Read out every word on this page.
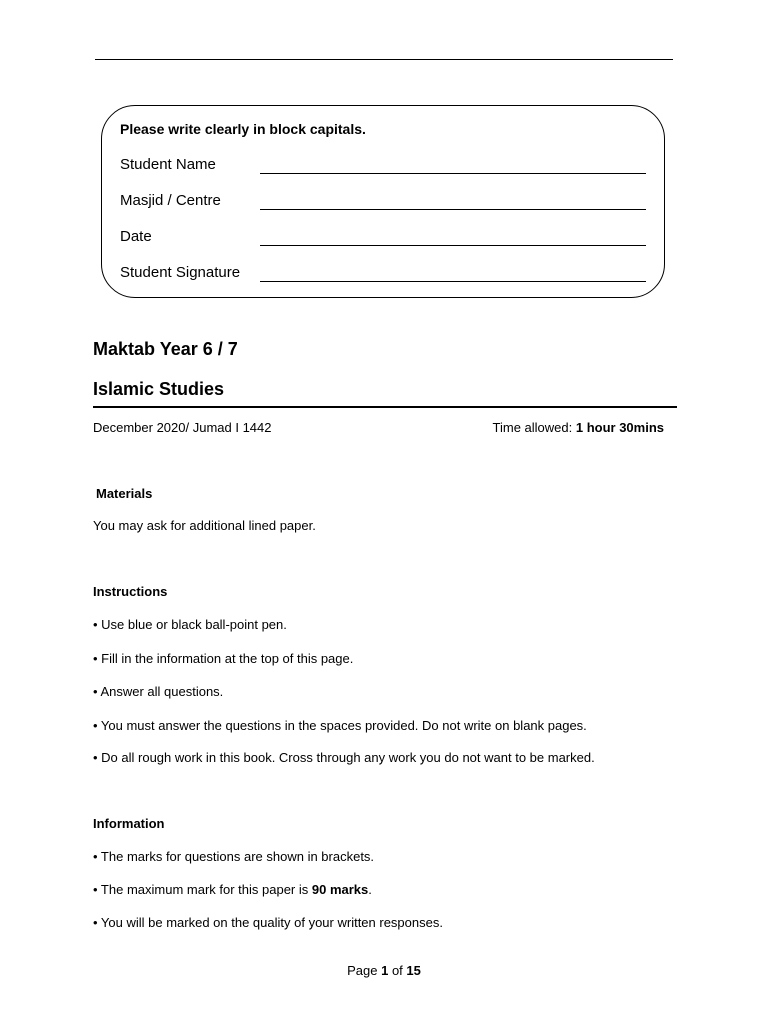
Please write clearly in block capitals.
Student Name
Masjid / Centre
Date
Student Signature
Maktab Year 6 / 7
Islamic Studies
December 2020/ Jumad I 1442	Time allowed: 1 hour 30mins
Materials
You may ask for additional lined paper.
Instructions
• Use blue or black ball-point pen.
• Fill in the information at the top of this page.
• Answer all questions.
• You must answer the questions in the spaces provided. Do not write on blank pages.
• Do all rough work in this book. Cross through any work you do not want to be marked.
Information
• The marks for questions are shown in brackets.
• The maximum mark for this paper is 90 marks.
• You will be marked on the quality of your written responses.
Page 1 of 15
